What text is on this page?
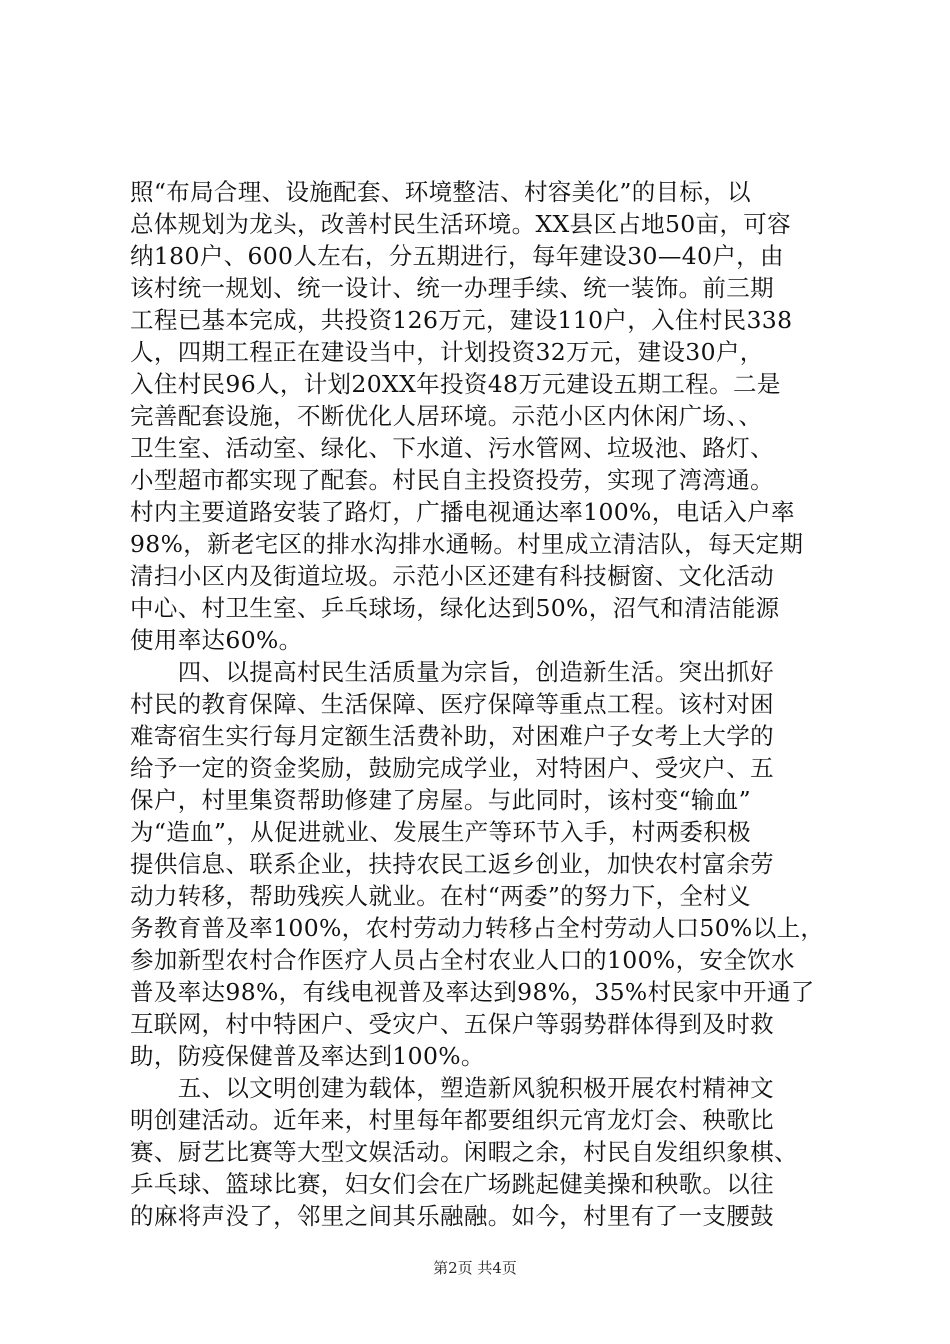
照“布局合理、设施配套、环境整洁、村容美化”的目标，以
总体规划为龙头，改善村民生活环境。XX县区占地50亩，可容
纳180户、600人左右，分五期进行，每年建设30—40户，由
该村统一规划、统一设计、统一办理手续、统一装饰。前三期
工程已基本完成，共投资126万元，建设110户，入住村民338
人，四期工程正在建设当中，计划投资32万元，建设30户，
入住村民96人，计划20XX年投资48万元建设五期工程。二是
完善配套设施，不断优化人居环境。示范小区内休闲广场、、
卫生室、活动室、绿化、下水道、污水管网、垃圾池、路灯、
小型超市都实现了配套。村民自主投资投劳，实现了湾湾通。
村内主要道路安装了路灯，广播电视通达率100%，电话入户率
98%，新老宅区的排水沟排水通畅。村里成立清洁队，每天定期
清扫小区内及街道垃圾。示范小区还建有科技橱窗、文化活动
中心、村卫生室、乒乓球场，绿化达到50%，沼气和清洁能源
使用率达60%。
　　四、以提高村民生活质量为宗旨，创造新生活。突出抓好
村民的教育保障、生活保障、医疗保障等重点工程。该村对困
难寄宿生实行每月定额生活费补助，对困难户子女考上大学的
给予一定的资金奖励，鼓励完成学业，对特困户、受灾户、五
保户，村里集资帮助修建了房屋。与此同时，该村变“输血”
为“造血”，从促进就业、发展生产等环节入手，村两委积极
提供信息、联系企业，扶持农民工返乡创业，加快农村富余劳
动力转移，帮助残疾人就业。在村“两委”的努力下，全村义
务教育普及率100%，农村劳动力转移占全村劳动人口50%以上，
参加新型农村合作医疗人员占全村农业人口的100%，安全饮水
普及率达98%，有线电视普及率达到98%，35%村民家中开通了
互联网，村中特困户、受灾户、五保户等弱势群体得到及时救
助，防疫保健普及率达到100%。
　　五、以文明创建为载体，塑造新风貌积极开展农村精神文
明创建活动。近年来，村里每年都要组织元宵龙灯会、秧歌比
赛、厨艺比赛等大型文娱活动。闲暇之余，村民自发组织象棋、
乒乓球、篮球比赛，妇女们会在广场跳起健美操和秧歌。以往
的麻将声没了，邻里之间其乐融融。如今，村里有了一支腰鼓
第2页 共4页
